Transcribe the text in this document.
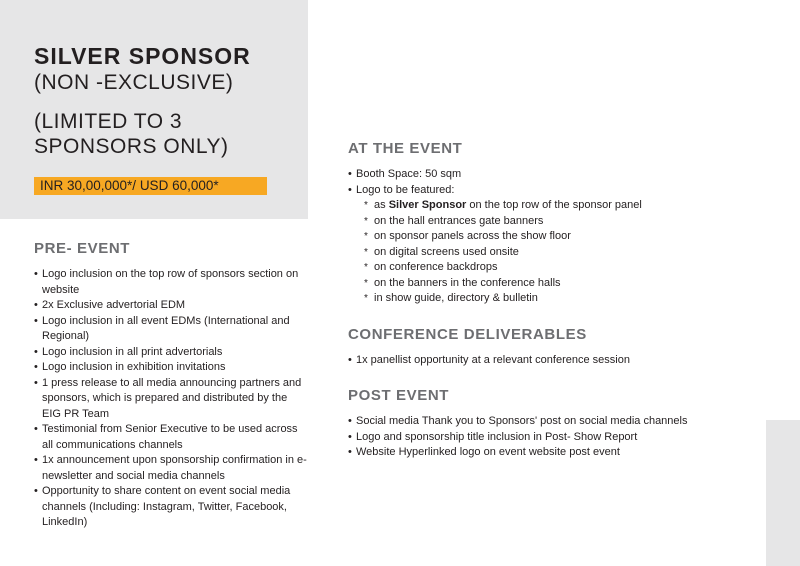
SILVER SPONSOR
(NON -EXCLUSIVE)
(LIMITED TO 3
SPONSORS ONLY)
INR 30,00,000*/ USD 60,000*
PRE- EVENT
• Logo inclusion on the top row of sponsors section on website
• 2x Exclusive advertorial EDM
• Logo inclusion in all event EDMs (International and Regional)
• Logo inclusion in all print advertorials
• Logo inclusion in exhibition invitations
• 1 press release to all media announcing partners and sponsors, which is prepared and distributed by the EIG PR Team
• Testimonial from Senior Executive to be used across all communications channels
• 1x announcement upon sponsorship confirmation in e-newsletter and social media channels
• Opportunity to share content on event social media channels (Including: Instagram, Twitter, Facebook, LinkedIn)
AT THE EVENT
• Booth Space: 50 sqm
• Logo to be featured:
* as Silver Sponsor on the top row of the sponsor panel
* on the hall entrances gate banners
* on sponsor panels across the show floor
* on digital screens used onsite
* on conference backdrops
* on the banners in the conference halls
* in show guide, directory & bulletin
CONFERENCE DELIVERABLES
• 1x panellist opportunity at a relevant conference session
POST EVENT
• Social media Thank you to Sponsors' post on social media channels
• Logo and sponsorship title inclusion in Post- Show Report
• Website Hyperlinked logo on event website post event
